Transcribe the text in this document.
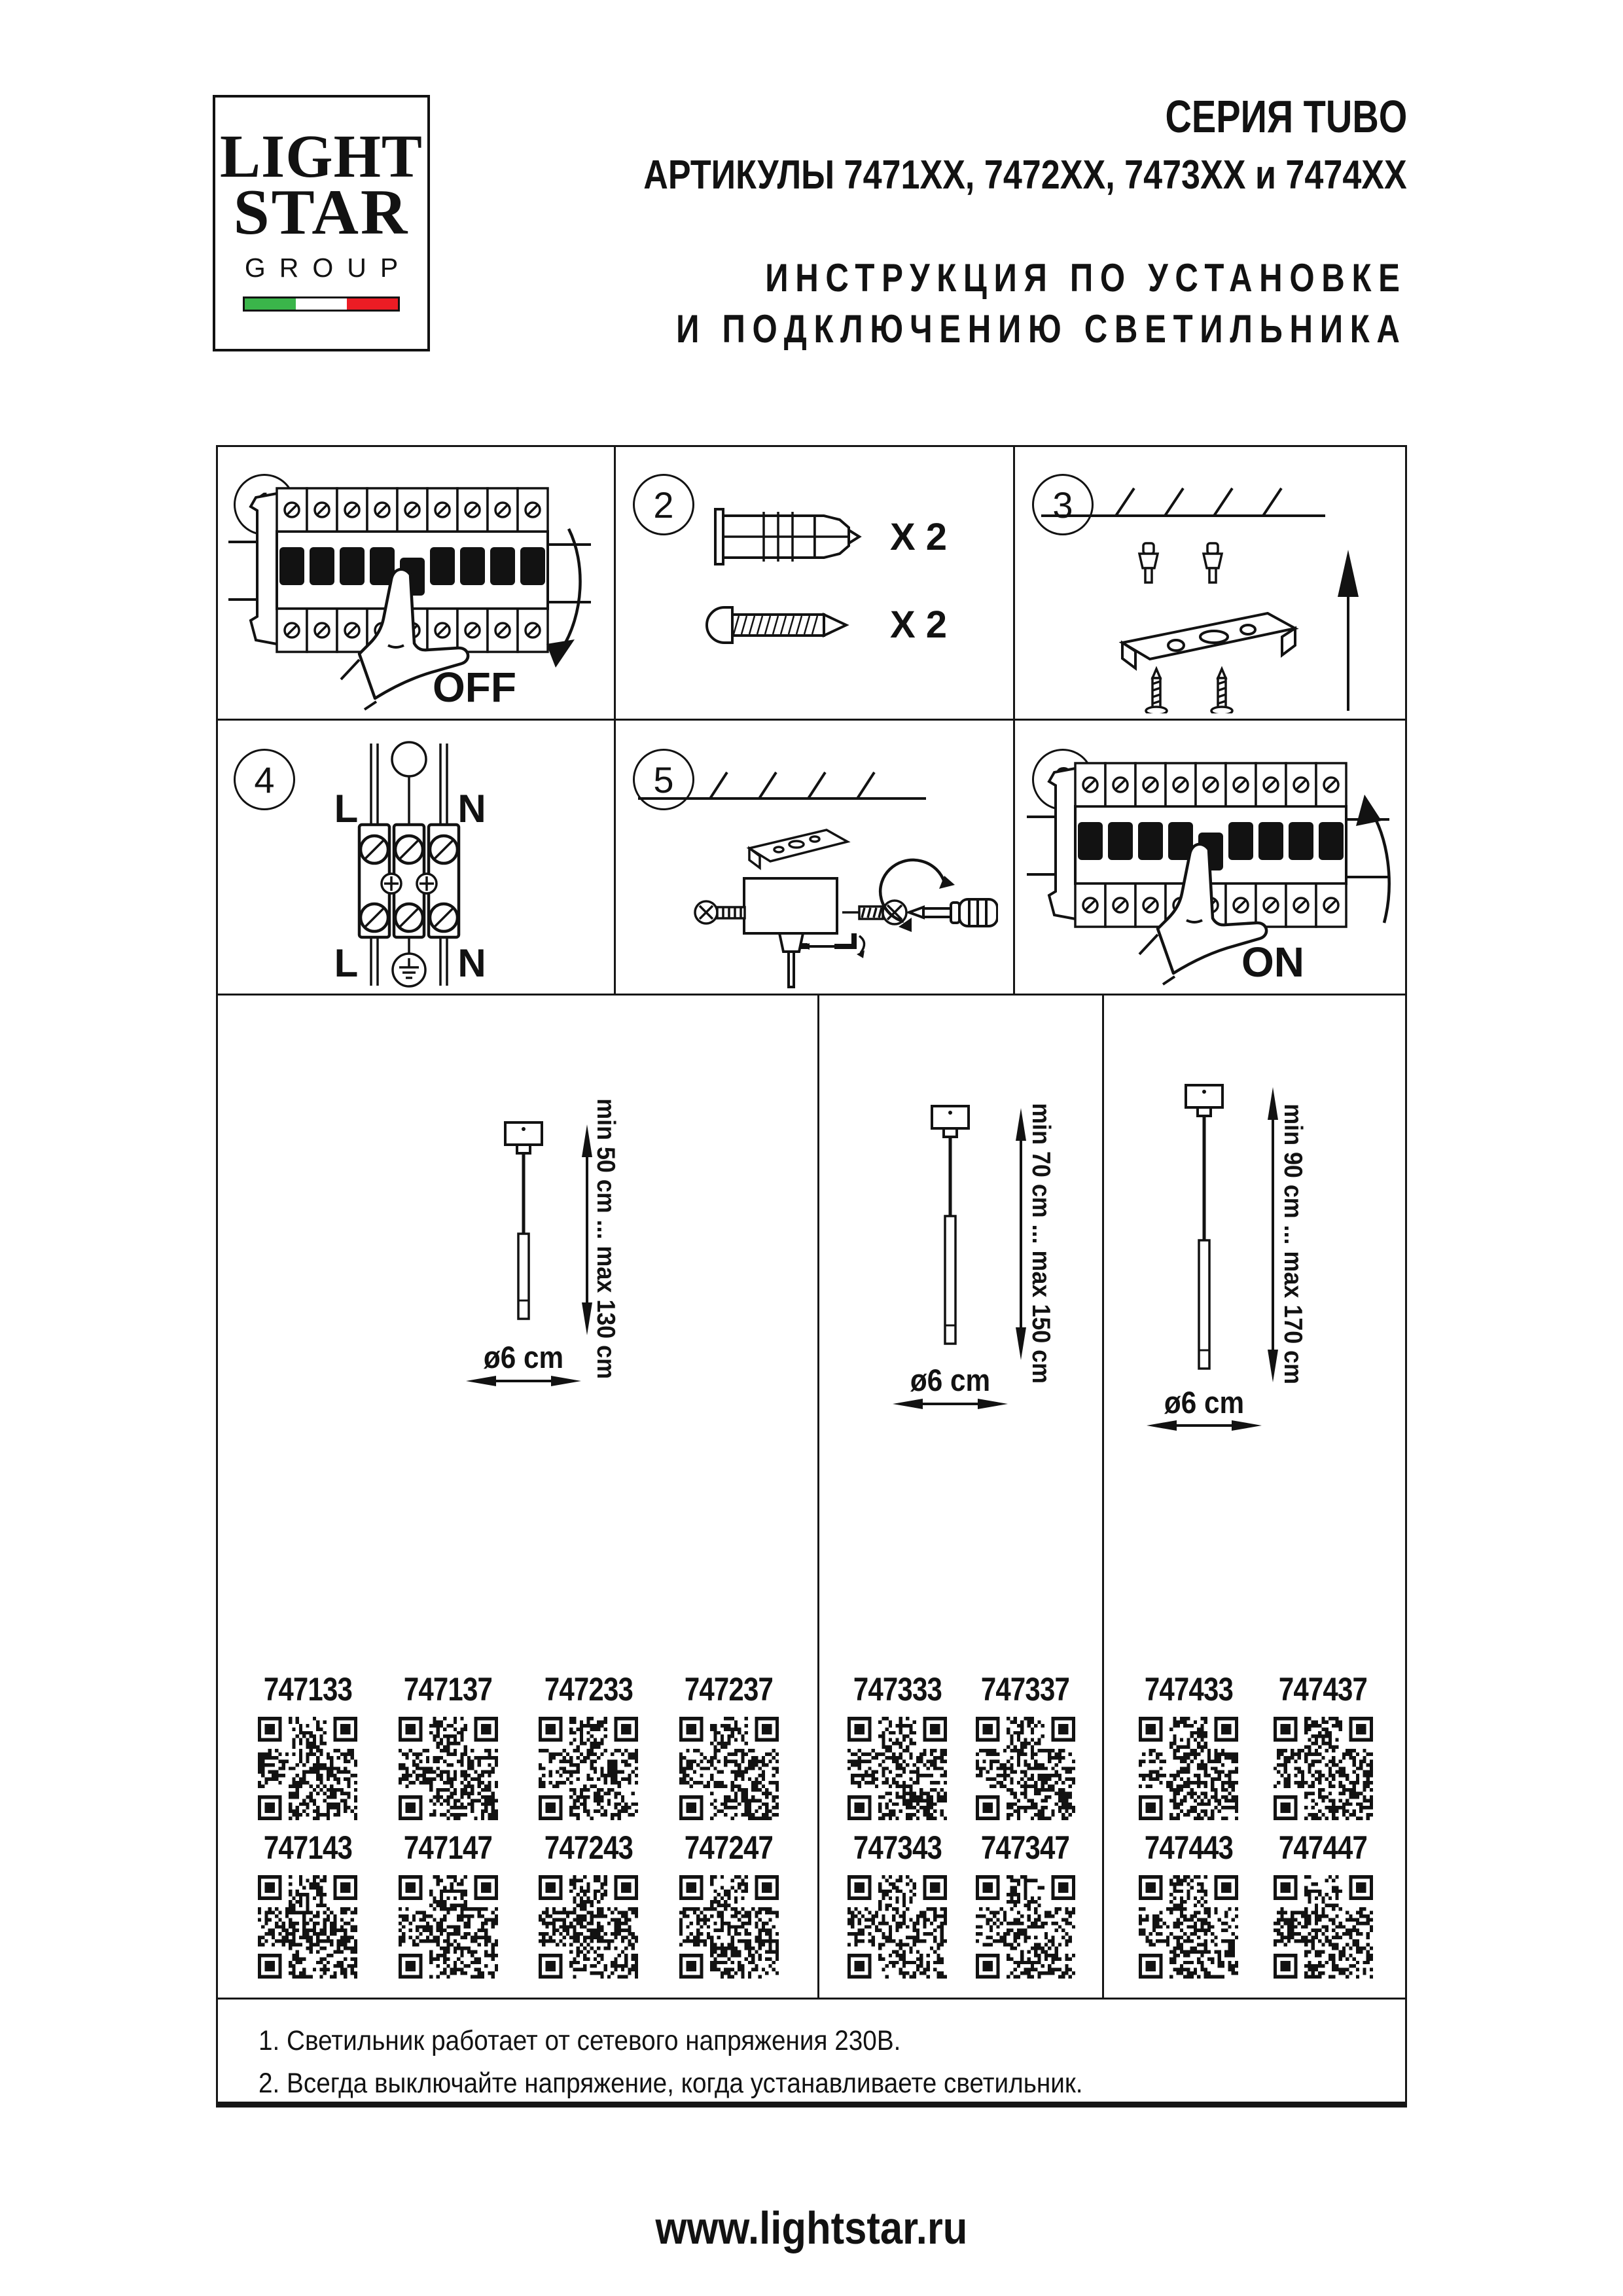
LIGHT
STAR
GROUP
СЕРИЯ TUBO
АРТИКУЛЫ 7471ХХ, 7472ХХ, 7473ХХ и 7474ХХ
ИНСТРУКЦИЯ ПО УСТАНОВКЕ
И ПОДКЛЮЧЕНИЮ СВЕТИЛЬНИКА
2	3
4	5
OFF
X 2
X 2
L	N
L	N	ON
min 50 cm ... max 130 cm
ø6 cm	min 70 cm ... max 150 cm
ø6 cm	min 90 cm ... max 170 cm
ø6 cm
747133 747137 747233 747237
747143 747147 747243 747247
747333 747337
747343 747347
747433 747437
747443 747447
1. Светильник работает от сетевого напряжения 230В.
2. Всегда выключайте напряжение, когда устанавливаете светильник.
www.lightstar.ru
